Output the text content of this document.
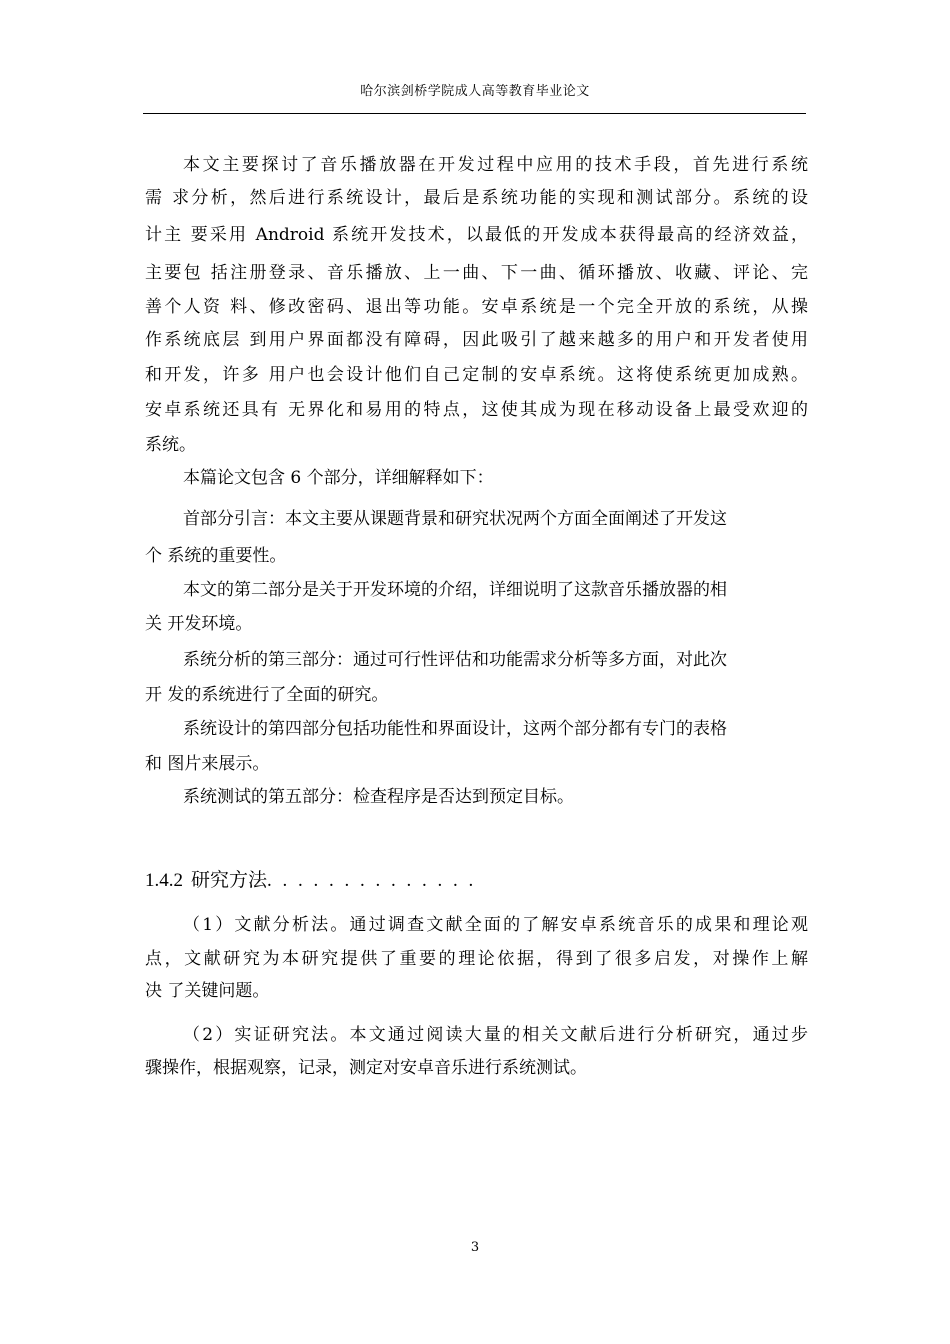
哈尔滨剑桥学院成人高等教育毕业论文
本文主要探讨了音乐播放器在开发过程中应用的技术手段，首先进行系统
需 求分析，然后进行系统设计，最后是系统功能的实现和测试部分。系统的设
计主 要采用 Android 系统开发技术，以最低的开发成本获得最高的经济效益，
主要包 括注册登录、音乐播放、上一曲、下一曲、循环播放、收藏、评论、完
善个人资 料、修改密码、退出等功能。安卓系统是一个完全开放的系统，从操
作系统底层 到用户界面都没有障碍，因此吸引了越来越多的用户和开发者使用
和开发，许多 用户也会设计他们自己定制的安卓系统。这将使系统更加成熟。
安卓系统还具有 无界化和易用的特点，这使其成为现在移动设备上最受欢迎的
系统。
本篇论文包含 6 个部分，详细解释如下：
首部分引言：本文主要从课题背景和研究状况两个方面全面阐述了开发这
个 系统的重要性。
本文的第二部分是关于开发环境的介绍，详细说明了这款音乐播放器的相
关 开发环境。
系统分析的第三部分：通过可行性评估和功能需求分析等多方面，对此次
开 发的系统进行了全面的研究。
系统设计的第四部分包括功能性和界面设计，这两个部分都有专门的表格
和 图片来展示。
系统测试的第五部分：检查程序是否达到预定目标。
1.4.2 研究方法. . . . . . . . . . . . . .
（1）文献分析法。通过调查文献全面的了解安卓系统音乐的成果和理论观
点，文献研究为本研究提供了重要的理论依据，得到了很多启发，对操作上解
决 了关键问题。
（2）实证研究法。本文通过阅读大量的相关文献后进行分析研究，通过步
骤操作，根据观察，记录，测定对安卓音乐进行系统测试。
3
